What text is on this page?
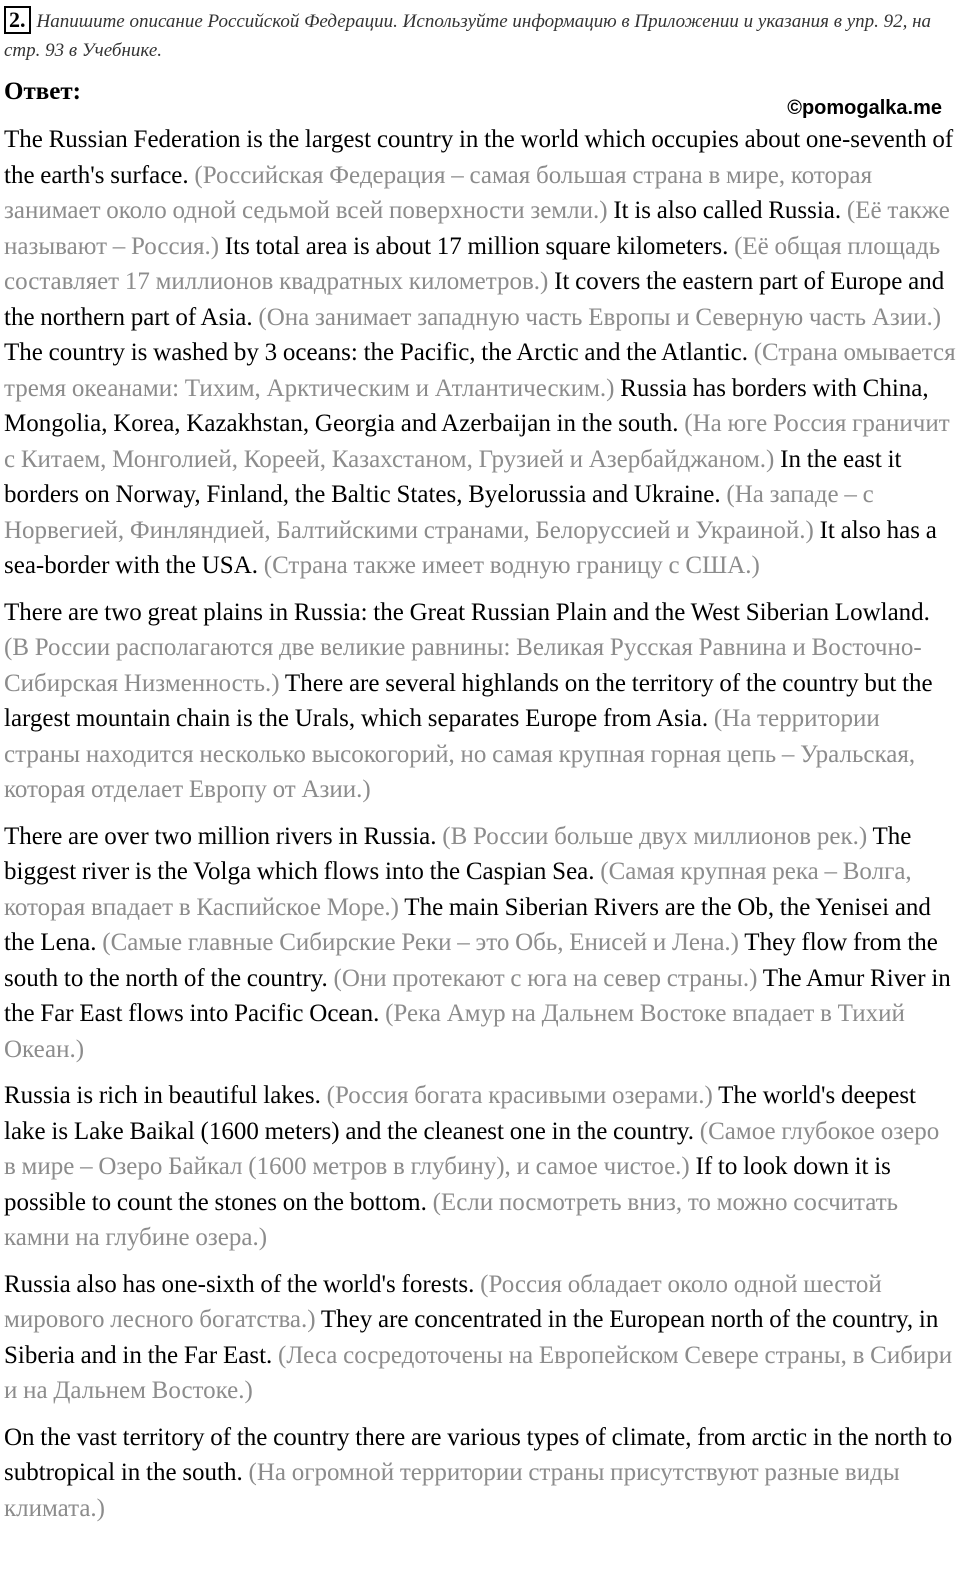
2. Напишите описание Российской Федерации. Используйте информацию в Приложении и указания в упр. 92, на стр. 93 в Учебнике.
Ответ:
©pomogalka.me

The Russian Federation is the largest country in the world which occupies about one-seventh of the earth's surface. (Российская Федерация – самая большая страна в мире, которая занимает около одной седьмой всей поверхности земли.) It is also called Russia. (Её также называют – Россия.) Its total area is about 17 million square kilometers. (Её общая площадь составляет 17 миллионов квадратных километров.) It covers the eastern part of Europe and the northern part of Asia. (Она занимает западную часть Европы и Северную часть Азии.) The country is washed by 3 oceans: the Pacific, the Arctic and the Atlantic. (Страна омывается тремя океанами: Тихим, Арктическим и Атлантическим.) Russia has borders with China, Mongolia, Korea, Kazakhstan, Georgia and Azerbaijan in the south. (На юге Россия граничит с Китаем, Монголией, Кореей, Казахстаном, Грузией и Азербайджаном.) In the east it borders on Norway, Finland, the Baltic States, Byelorussia and Ukraine. (На западе – с Норвегией, Финляндией, Балтийскими странами, Белоруссией и Украиной.) It also has a sea-border with the USA. (Страна также имеет водную границу с США.)

There are two great plains in Russia: the Great Russian Plain and the West Siberian Lowland. (В России располагаются две великие равнины: Великая Русская Равнина и Восточно-Сибирская Низменность.) There are several highlands on the territory of the country but the largest mountain chain is the Urals, which separates Europe from Asia. (На территории страны находится несколько высокогорий, но самая крупная горная цепь – Уральская, которая отделает Европу от Азии.)

There are over two million rivers in Russia. (В России больше двух миллионов рек.) The biggest river is the Volga which flows into the Caspian Sea. (Самая крупная река – Волга, которая впадает в Каспийское Море.) The main Siberian Rivers are the Ob, the Yenisei and the Lena. (Самые главные Сибирские Реки – это Обь, Енисей и Лена.) They flow from the south to the north of the country. (Они протекают с юга на север страны.) The Amur River in the Far East flows into Pacific Ocean. (Река Амур на Дальнем Востоке впадает в Тихий Океан.)

Russia is rich in beautiful lakes. (Россия богата красивыми озерами.) The world's deepest lake is Lake Baikal (1600 meters) and the cleanest one in the country. (Самое глубокое озеро в мире – Озеро Байкал (1600 метров в глубину), и самое чистое.) If to look down it is possible to count the stones on the bottom. (Если посмотреть вниз, то можно сосчитать камни на глубине озера.)

Russia also has one-sixth of the world's forests. (Россия обладает около одной шестой мирового лесного богатства.) They are concentrated in the European north of the country, in Siberia and in the Far East. (Леса сосредоточены на Европейском Севере страны, в Сибири и на Дальнем Востоке.)

On the vast territory of the country there are various types of climate, from arctic in the north to subtropical in the south. (На огромной территории страны присутствуют разные виды климата.)
